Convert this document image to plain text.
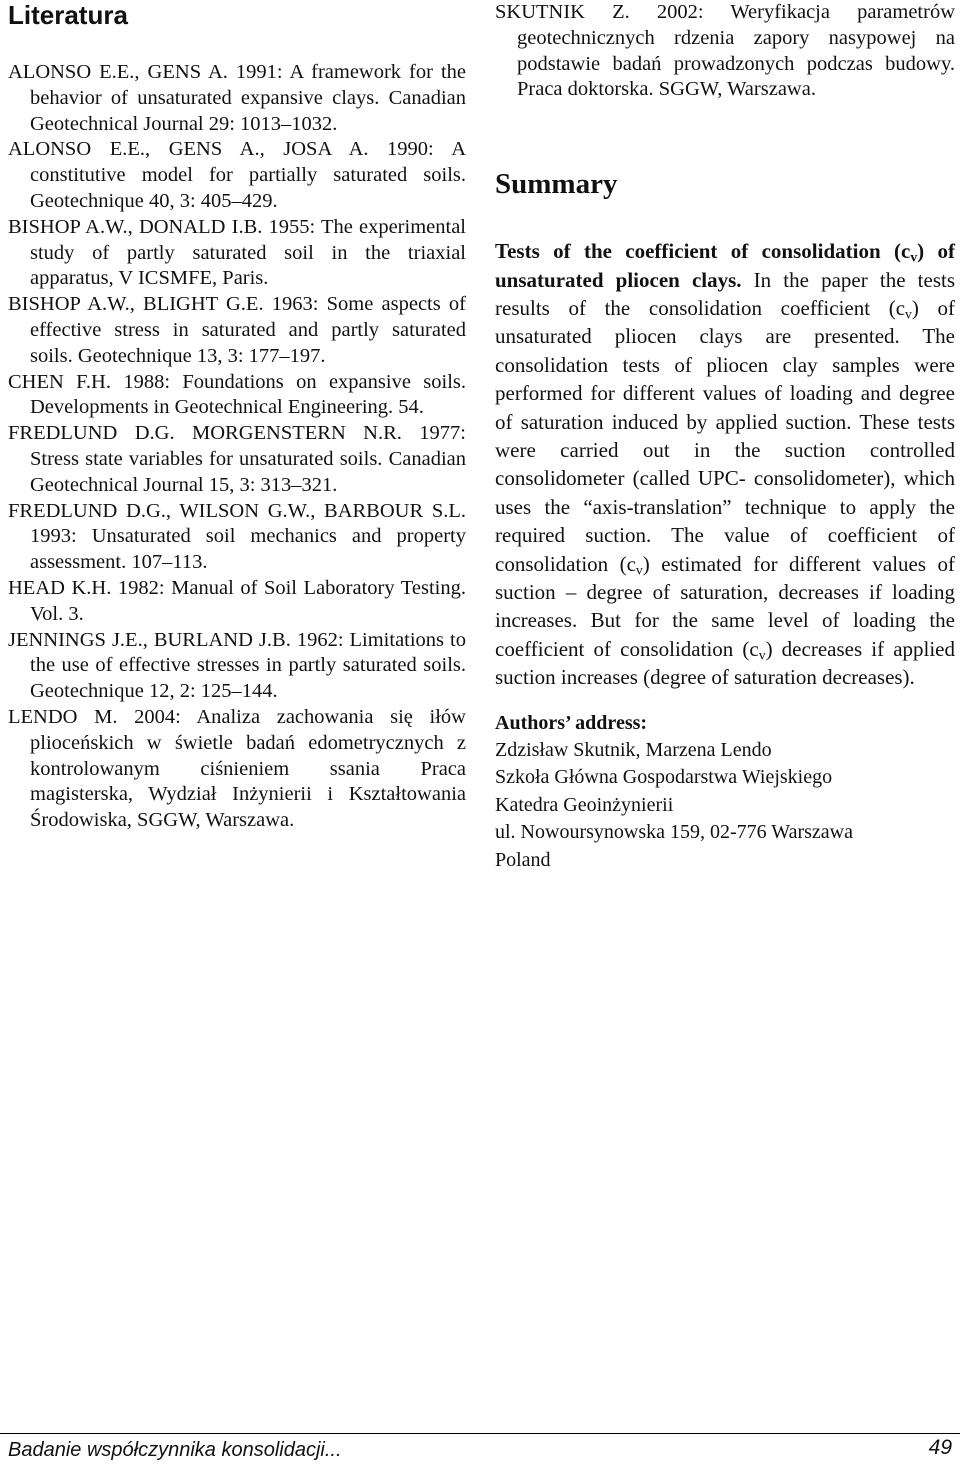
Literatura
ALONSO E.E., GENS A. 1991: A framework for the behavior of unsaturated expansive clays. Canadian Geotechnical Journal 29: 1013–1032.
ALONSO E.E., GENS A., JOSA A. 1990: A constitutive model for partially saturated soils. Geotechnique 40, 3: 405–429.
BISHOP A.W., DONALD I.B. 1955: The experimental study of partly saturated soil in the triaxial apparatus, V ICSMFE, Paris.
BISHOP A.W., BLIGHT G.E. 1963: Some aspects of effective stress in saturated and partly saturated soils. Geotechnique 13, 3: 177–197.
CHEN F.H. 1988: Foundations on expansive soils. Developments in Geotechnical Engineering. 54.
FREDLUND D.G. MORGENSTERN N.R. 1977: Stress state variables for unsaturated soils. Canadian Geotechnical Journal 15, 3: 313–321.
FREDLUND D.G., WILSON G.W., BARBOUR S.L. 1993: Unsaturated soil mechanics and property assessment. 107–113.
HEAD K.H. 1982: Manual of Soil Laboratory Testing. Vol. 3.
JENNINGS J.E., BURLAND J.B. 1962: Limitations to the use of effective stresses in partly saturated soils. Geotechnique 12, 2: 125–144.
LENDO M. 2004: Analiza zachowania się iłów plioceńskich w świetle badań edometrycznych z kontrolowanym ciśnieniem ssania Praca magisterska, Wydział Inżynierii i Kształtowania Środowiska, SGGW, Warszawa.

SKUTNIK Z. 2002: Weryfikacja parametrów geotechnicznych rdzenia zapory nasypowej na podstawie badań prowadzonych podczas budowy. Praca doktorska. SGGW, Warszawa.

Summary

Tests of the coefficient of consolidation $(c_v)$ of unsaturated pliocen clays. In the paper the tests results of the consolidation coefficient $(c_v)$ of unsaturated pliocen clays are presented. The consolidation tests of pliocen clay samples were performed for different values of loading and degree of saturation induced by applied suction. These tests were carried out in the suction controlled consolidometer (called UPC- consolidometer), which uses the “axis-translation” technique to apply the required suction. The value of coefficient of consolidation $(c_v)$ estimated for different values of suction – degree of saturation, decreases if loading increases. But for the same level of loading the coefficient of consolidation $(c_v)$ decreases if applied suction increases (degree of saturation decreases).

Authors’ address:

Zdzisław Skutnik, Marzena Lendo

Szkoła Główna Gospodarstwa Wiejskiego

Katedra Geoinżynierii

ul. Nowoursynowska 159, 02-776 Warszawa

Poland

Badanie współczynnika konsolidacji...	49
